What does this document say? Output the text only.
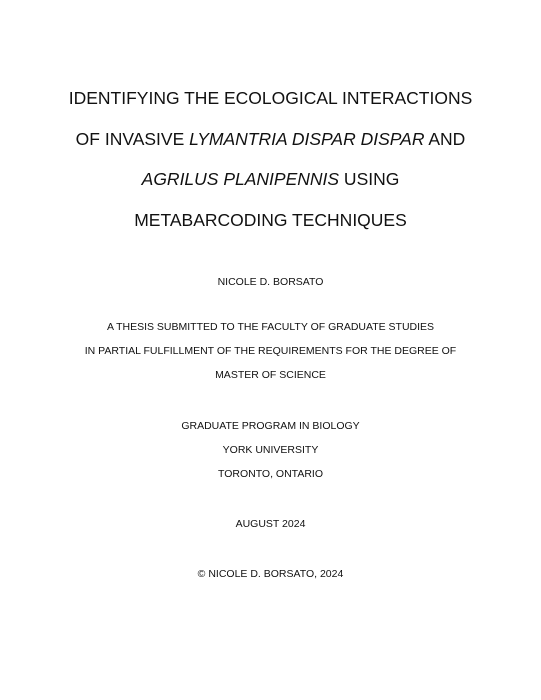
IDENTIFYING THE ECOLOGICAL INTERACTIONS
OF INVASIVE LYMANTRIA DISPAR DISPAR AND
AGRILUS PLANIPENNIS USING
METABARCODING TECHNIQUES
NICOLE D. BORSATO
A THESIS SUBMITTED TO THE FACULTY OF GRADUATE STUDIES
IN PARTIAL FULFILLMENT OF THE REQUIREMENTS FOR THE DEGREE OF
MASTER OF SCIENCE
GRADUATE PROGRAM IN BIOLOGY
YORK UNIVERSITY
TORONTO, ONTARIO
AUGUST 2024
© NICOLE D. BORSATO, 2024
